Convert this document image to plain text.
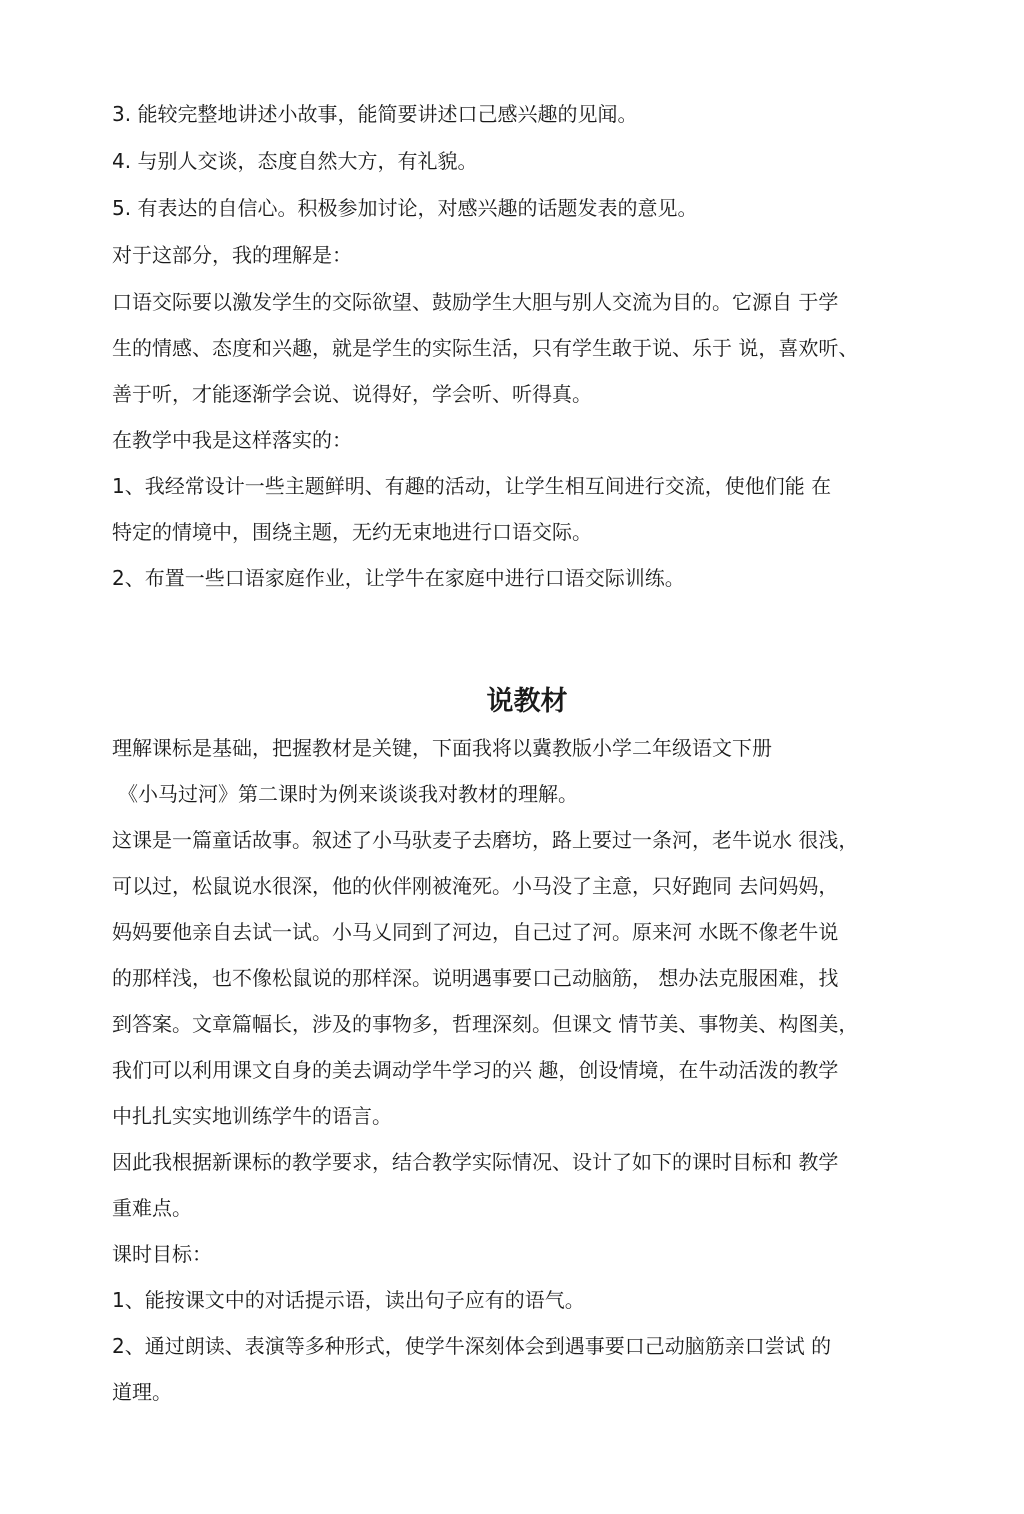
3. 能较完整地讲述小故事，能简要讲述口己感兴趣的见闻。

4. 与别人交谈，态度自然大方，有礼貌。

5. 有表达的自信心。积极参加讨论，对感兴趣的话题发表的意见。

对于这部分，我的理解是：

口语交际要以激发学生的交际欲望、鼓励学生大胆与别人交流为目的。它源自 于学

生的情感、态度和兴趣，就是学生的实际生活，只有学生敢于说、乐于 说，喜欢听、

善于听，才能逐渐学会说、说得好，学会听、听得真。

在教学中我是这样落实的：

1、我经常设计一些主题鲜明、有趣的活动，让学生相互间进行交流，使他们能 在

特定的情境中，围绕主题，无约无束地进行口语交际。

2、布置一些口语家庭作业，让学牛在家庭中进行口语交际训练。

说教材

理解课标是基础，把握教材是关键，下面我将以冀教版小学二年级语文下册

《小马过河》第二课时为例来谈谈我对教材的理解。

这课是一篇童话故事。叙述了小马驮麦子去磨坊，路上要过一条河，老牛说水 很浅，

可以过，松鼠说水很深，他的伙伴刚被淹死。小马没了主意，只好跑同 去问妈妈，

妈妈要他亲自去试一试。小马乂同到了河边，自己过了河。原来河 水既不像老牛说

的那样浅，也不像松鼠说的那样深。说明遇事要口己动脑筋， 想办法克服困难，找

到答案。文章篇幅长，涉及的事物多，哲理深刻。但课文 情节美、事物美、构图美，

我们可以利用课文自身的美去调动学牛学习的兴 趣，创设情境，在牛动活泼的教学

中扎扎实实地训练学牛的语言。

因此我根据新课标的教学要求，结合教学实际情况、设计了如下的课时目标和 教学

重难点。

课时目标：

1、能按课文中的对话提示语，读出句子应有的语气。

2、通过朗读、表演等多种形式，使学牛深刻体会到遇事要口己动脑筋亲口尝试 的

道理。
